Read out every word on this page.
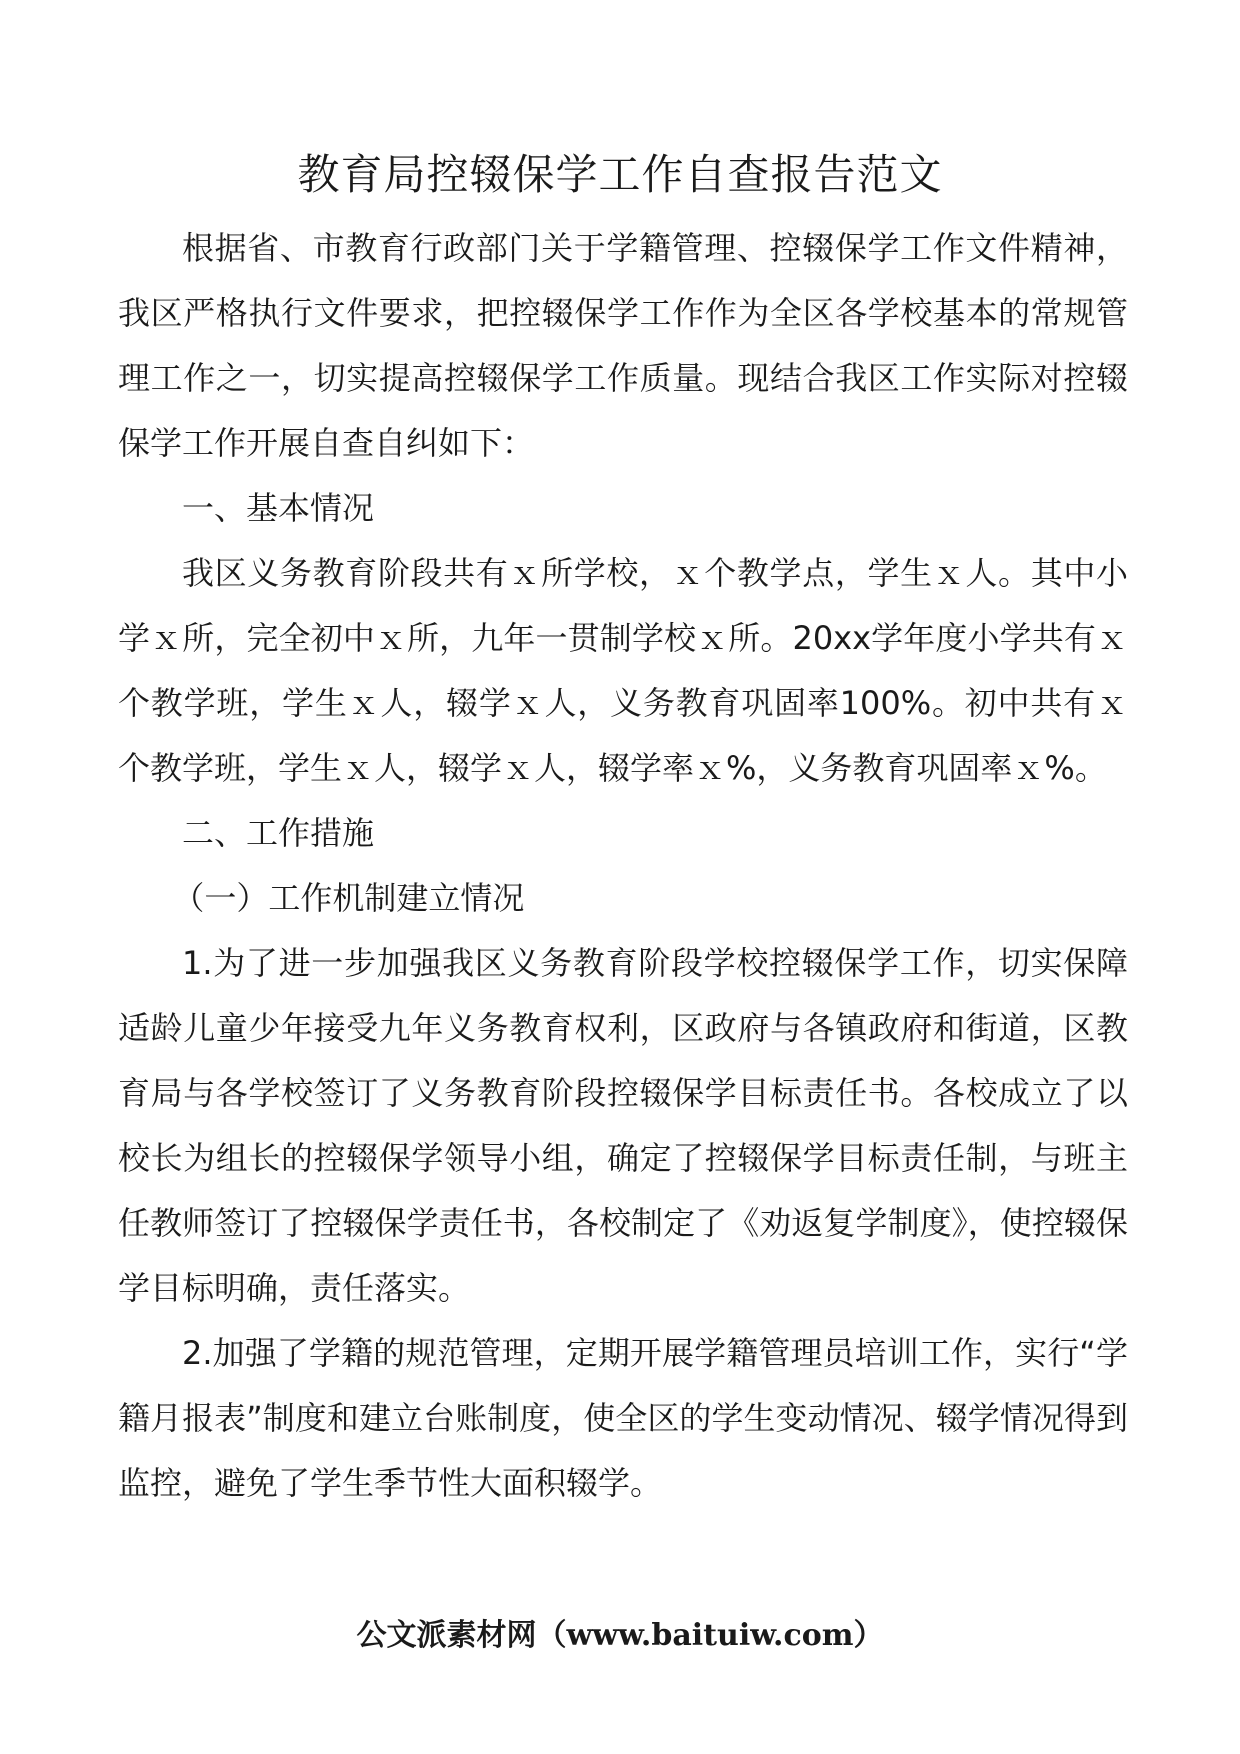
教育局控辍保学工作自查报告范文

根据省、市教育行政部门关于学籍管理、控辍保学工作文件精神，我区严格执行文件要求，把控辍保学工作作为全区各学校基本的常规管理工作之一，切实提高控辍保学工作质量。现结合我区工作实际对控辍保学工作开展自查自纠如下：

一、基本情况

我区义务教育阶段共有ｘ所学校，ｘ个教学点，学生ｘ人。其中小学ｘ所，完全初中ｘ所，九年一贯制学校ｘ所。20xx学年度小学共有ｘ个教学班，学生ｘ人，辍学ｘ人，义务教育巩固率100%。初中共有ｘ个教学班，学生ｘ人，辍学ｘ人，辍学率ｘ%，义务教育巩固率ｘ%。

二、工作措施

（一）工作机制建立情况

1.为了进一步加强我区义务教育阶段学校控辍保学工作，切实保障适龄儿童少年接受九年义务教育权利，区政府与各镇政府和街道，区教育局与各学校签订了义务教育阶段控辍保学目标责任书。各校成立了以校长为组长的控辍保学领导小组，确定了控辍保学目标责任制，与班主任教师签订了控辍保学责任书，各校制定了《劝返复学制度》，使控辍保学目标明确，责任落实。

2.加强了学籍的规范管理，定期开展学籍管理员培训工作，实行“学籍月报表”制度和建立台账制度，使全区的学生变动情况、辍学情况得到监控，避免了学生季节性大面积辍学。

公文派素材网（www.baituiw.com）
